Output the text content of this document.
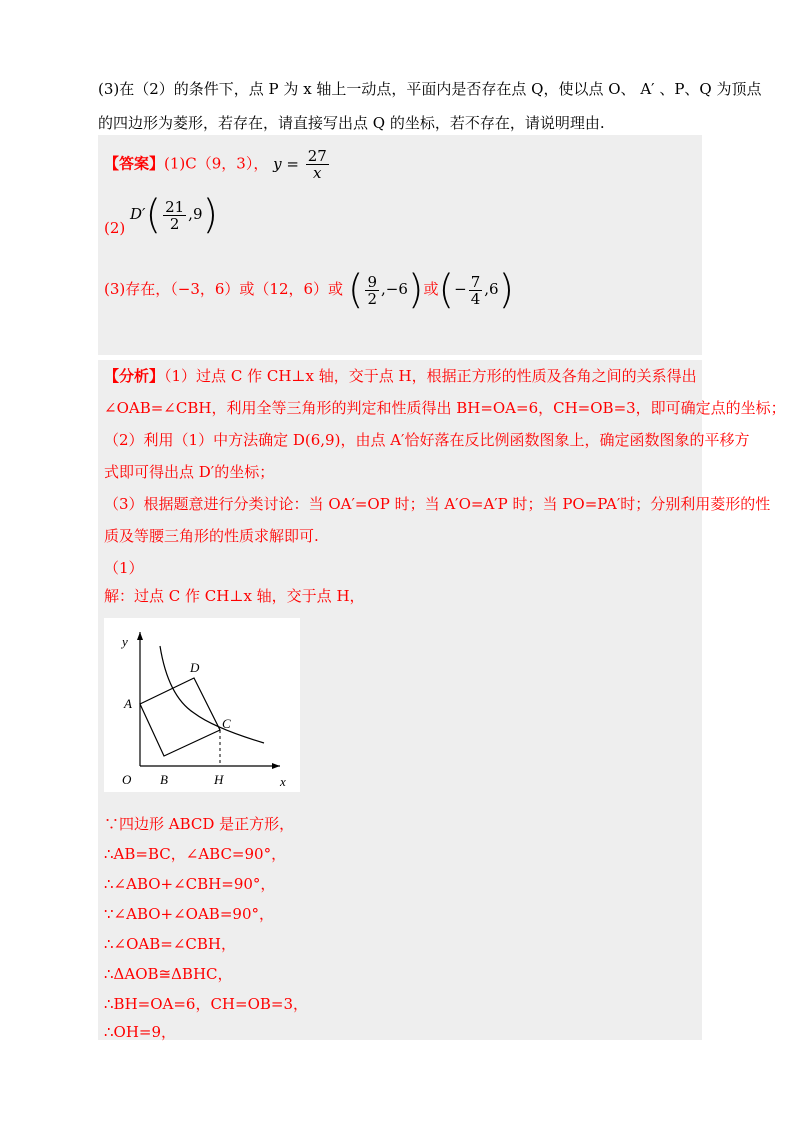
(3)在（2）的条件下，点 P 为 x 轴上一动点，平面内是否存在点 Q，使以点 O、 A′ 、P、Q 为顶点
的四边形为菱形，若存在，请直接写出点 Q 的坐标，若不存在，请说明理由.
【答案】(1)C（9，3）， $y = \frac{27}{x}$
(2) $D'( \frac{21}{2} ,9)$
(3)存在，（−3，6）或（12，6）或 ( $\frac{9}{2} ,-6$)或(− $\frac{7}{4} ,6$)
【分析】（1）过点 C 作 CH⊥x 轴，交于点 H，根据正方形的性质及各角之间的关系得出
∠OAB=∠CBH，利用全等三角形的判定和性质得出 BH=OA=6，CH=OB=3，即可确定点的坐标；
（2）利用（1）中方法确定 D(6,9)，由点 A′恰好落在反比例函数图象上，确定函数图象的平移方
式即可得出点 D′的坐标；
（3）根据题意进行分类讨论：当 OA′=OP 时；当 A′O=A′P 时；当 PO=PA′时；分别利用菱形的性
质及等腰三角形的性质求解即可.
（1）
解：过点 C 作 CH⊥x 轴，交于点 H，
y
x
O
A
B
C
D
H
∵四边形 ABCD 是正方形，
∴AB=BC，∠ABC=90°，
∴∠ABO+∠CBH=90°，
∵∠ABO+∠OAB=90°，
∴∠OAB=∠CBH，
∴ΔAOB≅ΔBHC，
∴BH=OA=6，CH=OB=3，
∴OH=9，
